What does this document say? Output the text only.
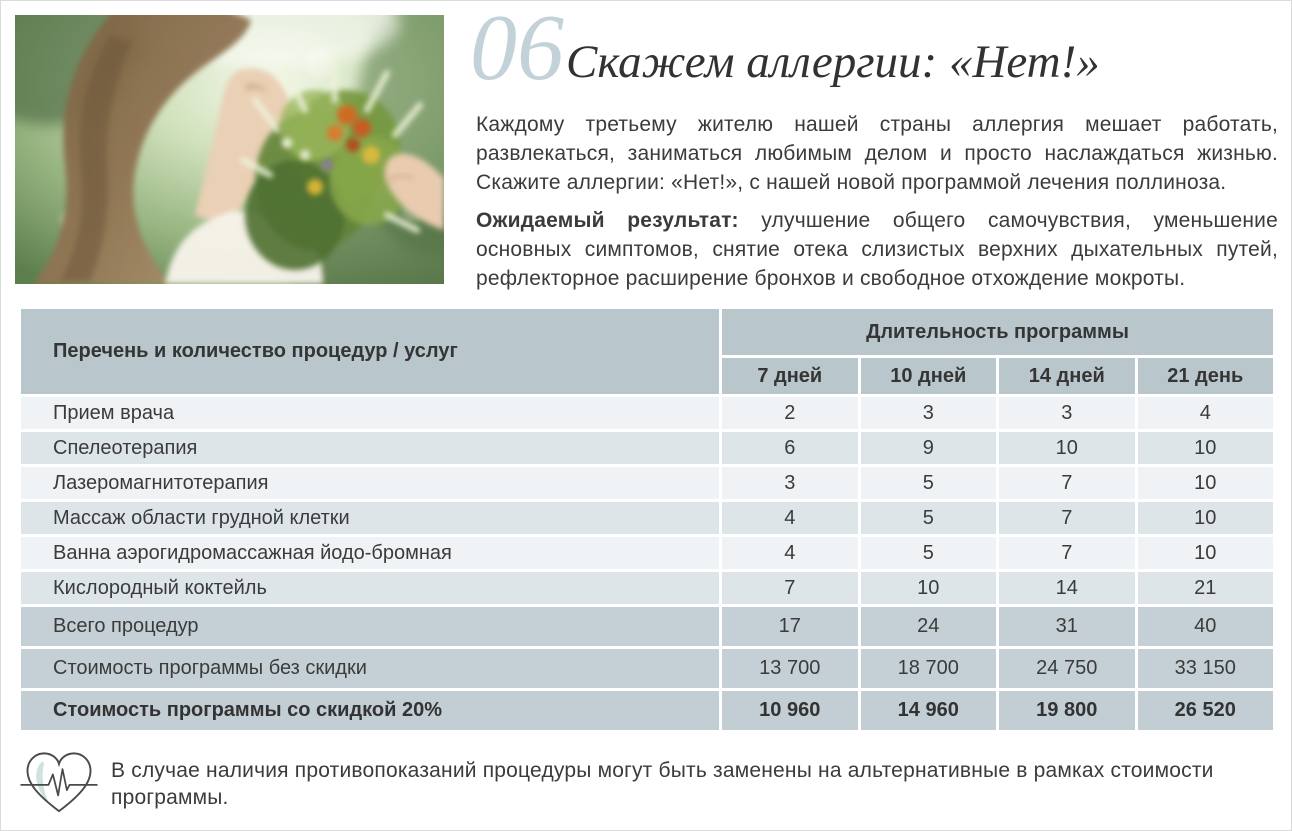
06 Скажем аллергии: «Нет!»

Каждому третьему жителю нашей страны аллергия мешает работать, развлекаться, заниматься любимым делом и просто наслаждаться жизнью. Скажите аллергии: «Нет!», с нашей новой программой лечения поллиноза.

Ожидаемый результат: улучшение общего самочувствия, уменьшение основных симптомов, снятие отека слизистых верхних дыхательных путей, рефлекторное расширение бронхов и свободное отхождение мокроты.

Перечень и количество процедур / услуг
Длительность программы
7 дней	10 дней	14 дней	21 день
Прием врача	2	3	3	4
Спелеотерапия	6	9	10	10
Лазеромагнитотерапия	3	5	7	10
Массаж области грудной клетки	4	5	7	10
Ванна аэрогидромассажная йодо-бромная	4	5	7	10
Кислородный коктейль	7	10	14	21
Всего процедур	17	24	31	40
Стоимость программы без скидки	13 700	18 700	24 750	33 150
Стоимость программы со скидкой 20%	10 960	14 960	19 800	26 520

В случае наличия противопоказаний процедуры могут быть заменены на альтернативные в рамках стоимости программы.
